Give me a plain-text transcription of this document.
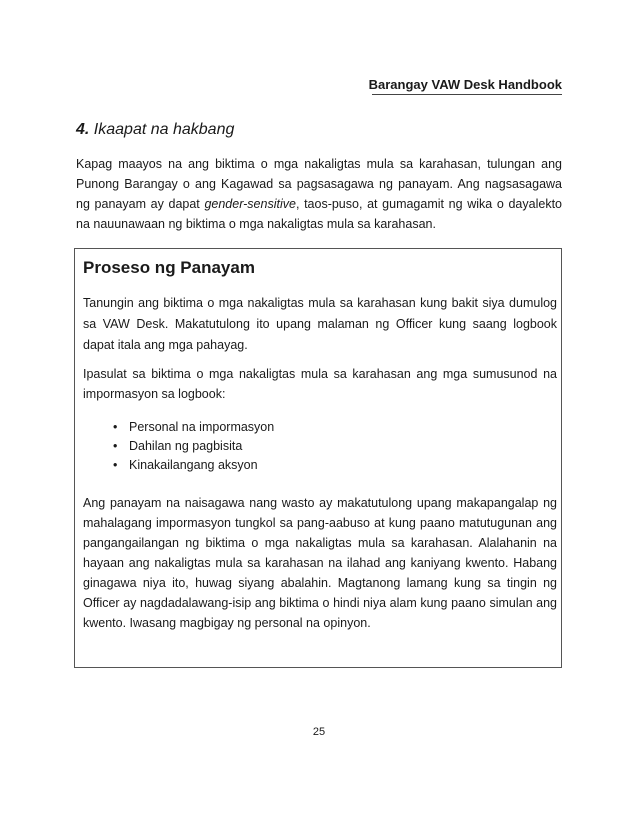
Barangay VAW Desk Handbook
4. Ikaapat na hakbang

Kapag maayos na ang biktima o mga nakaligtas mula sa karahasan, tulungan ang Punong Barangay o ang Kagawad sa pagsasagawa ng panayam. Ang nagsasagawa ng panayam ay dapat gender-sensitive, taos-puso, at gumagamit ng wika o dayalekto na nauunawaan ng biktima o mga nakaligtas mula sa karahasan.

Proseso ng Panayam

Tanungin ang biktima o mga nakaligtas mula sa karahasan kung bakit siya dumulog sa VAW Desk. Makatutulong ito upang malaman ng Officer kung saang logbook dapat itala ang mga pahayag.

Ipasulat sa biktima o mga nakaligtas mula sa karahasan ang mga sumusunod na impormasyon sa logbook:

• Personal na impormasyon
• Dahilan ng pagbisita
• Kinakailangang aksyon

Ang panayam na naisagawa nang wasto ay makatutulong upang makapangalap ng mahalagang impormasyon tungkol sa pang-aabuso at kung paano matutugunan ang pangangailangan ng biktima o mga nakaligtas mula sa karahasan. Alalahanin na hayaan ang nakaligtas mula sa karahasan na ilahad ang kaniyang kwento. Habang ginagawa niya ito, huwag siyang abalahin. Magtanong lamang kung sa tingin ng Officer ay nagdadalawang-isip ang biktima o hindi niya alam kung paano simulan ang kwento. Iwasang magbigay ng personal na opinyon.

25
